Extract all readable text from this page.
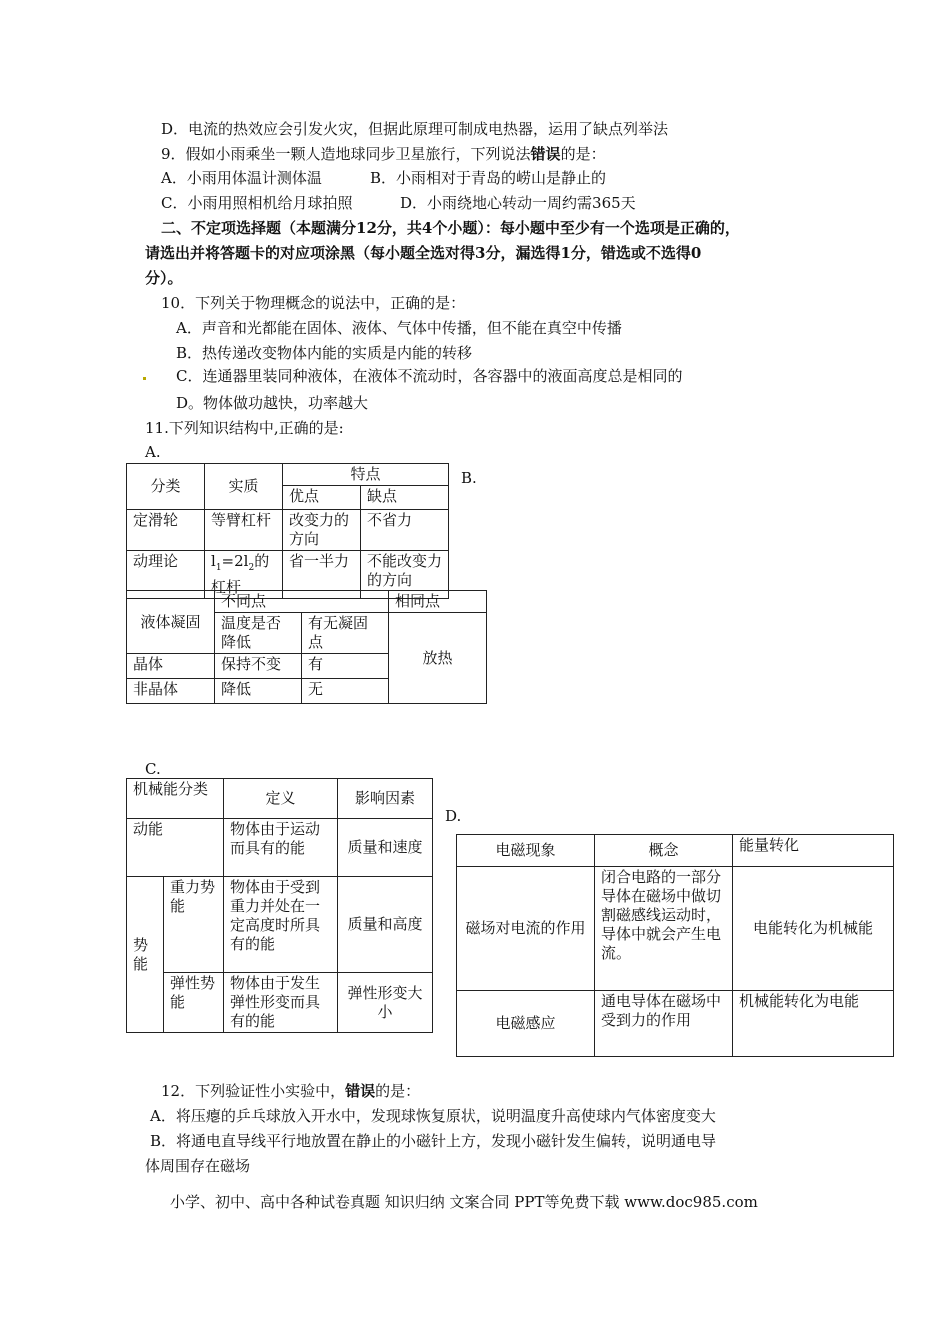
D．电流的热效应会引发火灾，但据此原理可制成电热器，运用了缺点列举法
9．假如小雨乘坐一颗人造地球同步卫星旅行，下列说法错误的是：
A．小雨用体温计测体温	B．小雨相对于青岛的崂山是静止的
C．小雨用照相机给月球拍照	D．小雨绕地心转动一周约需365天
二、不定项选择题（本题满分12分，共4个小题）：每小题中至少有一个选项是正确的，
请选出并将答题卡的对应项涂黑（每小题全选对得3分，漏选得1分，错选或不选得0
分）。
10．下列关于物理概念的说法中，正确的是：
A．声音和光都能在固体、液体、气体中传播，但不能在真空中传播
B．热传递改变物体内能的实质是内能的转移
C．连通器里装同种液体，在液体不流动时，各容器中的液面高度总是相同的
D。物体做功越快，功率越大
11.下列知识结构中,正确的是:
A.
B.
分类	实质	特点	
		优点	缺点
定滑轮	等臂杠杆	改变力的方向	不省力
动理论	$l_1=2l_2$的杠杆	省一半力	不能改变力的方向
液体凝固	不同点		相同点
	温度是否降低	有无凝固点	放热
晶体	保持不变	有	
非晶体	降低	无	
C.
D.
机械能分类		定义	影响因素
动能		物体由于运动而具有的能	质量和速度
势能	重力势能	物体由于受到重力并处在一定高度时所具有的能	质量和高度
	弹性势能	物体由于发生弹性形变而具有的能	弹性形变大小
电磁现象	概念	能量转化
磁场对电流的作用	闭合电路的一部分导体在磁场中做切割磁感线运动时，导体中就会产生电流。	电能转化为机械能
电磁感应	通电导体在磁场中受到力的作用	机械能转化为电能
12．下列验证性小实验中，错误的是：
A．将压瘪的乒乓球放入开水中，发现球恢复原状，说明温度升高使球内气体密度变大
B．将通电直导线平行地放置在静止的小磁针上方，发现小磁针发生偏转，说明通电导
体周围存在磁场
小学、初中、高中各种试卷真题 知识归纳 文案合同 PPT等免费下载 www.doc985.com
